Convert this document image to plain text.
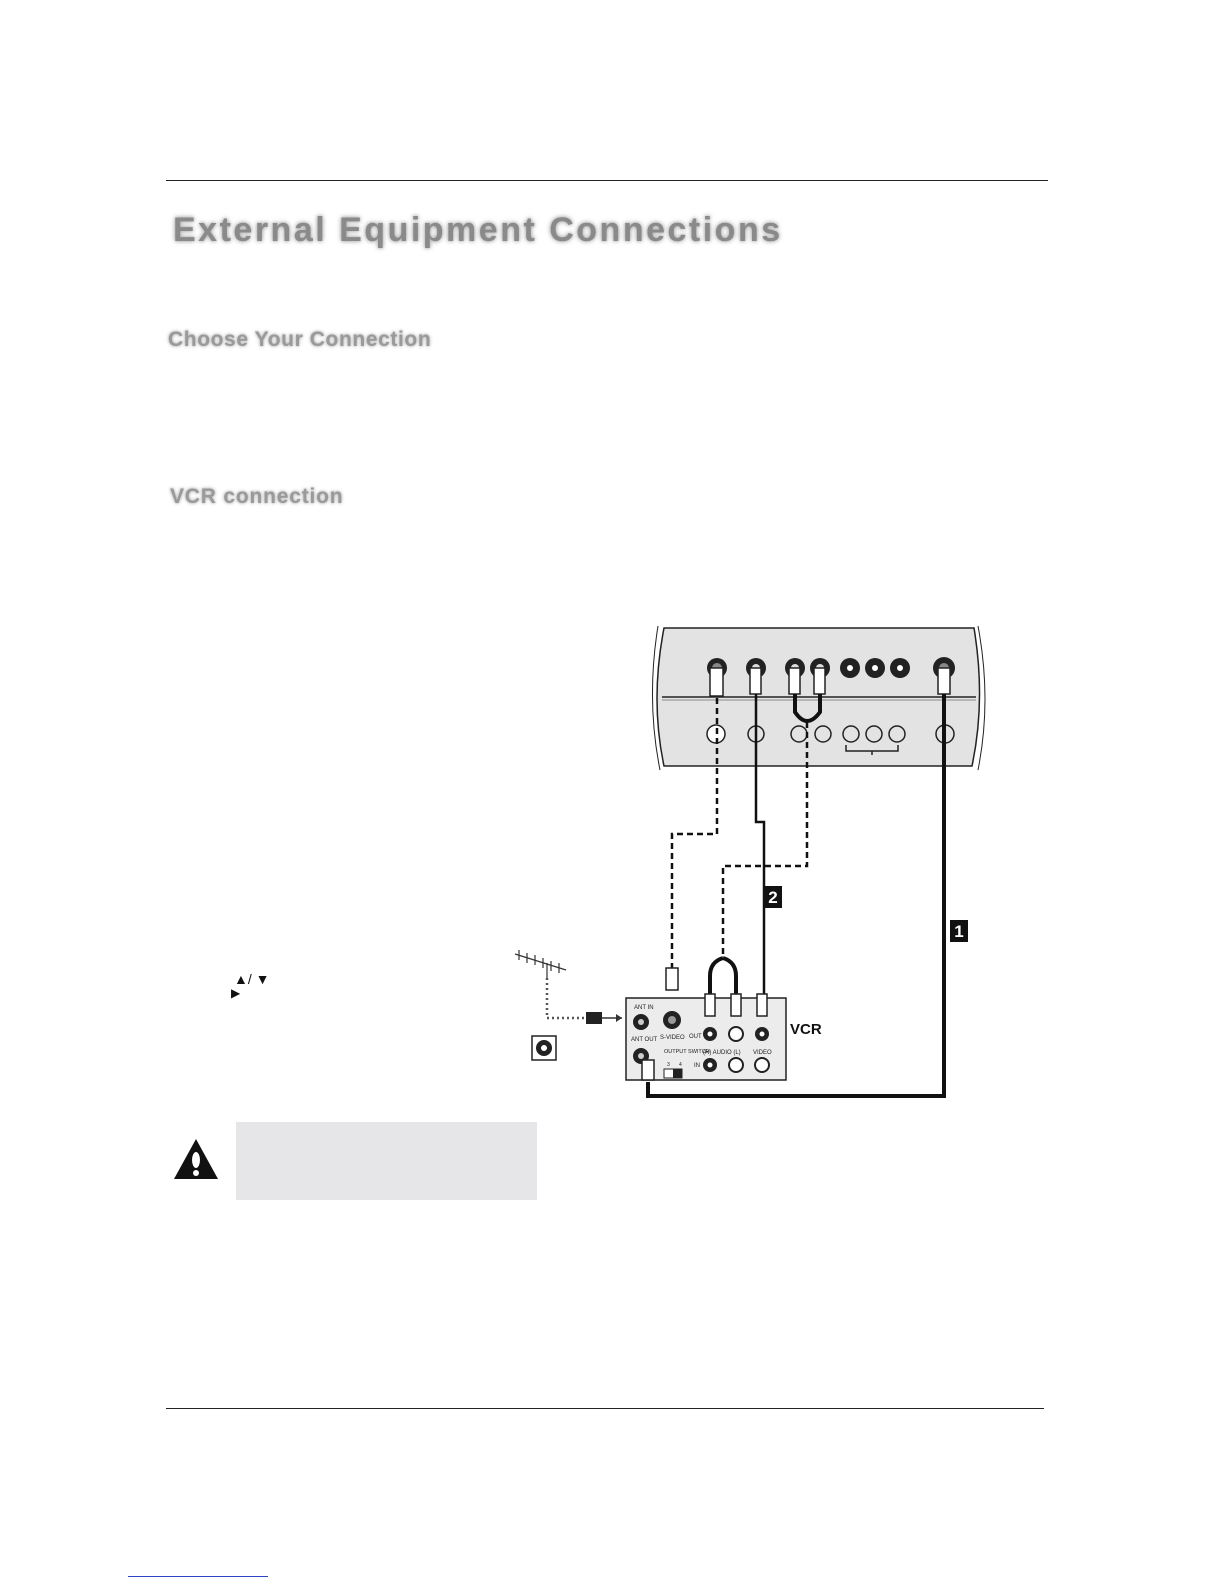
External Equipment Connections
Choose Your Connection
VCR connection
▲/ ▼
▶
2
1
ANT IN
ANT OUT S-VIDEO OUT
(R) AUDIO (L) VIDEO
IN
OUTPUT SWITCH
3 4
VCR
